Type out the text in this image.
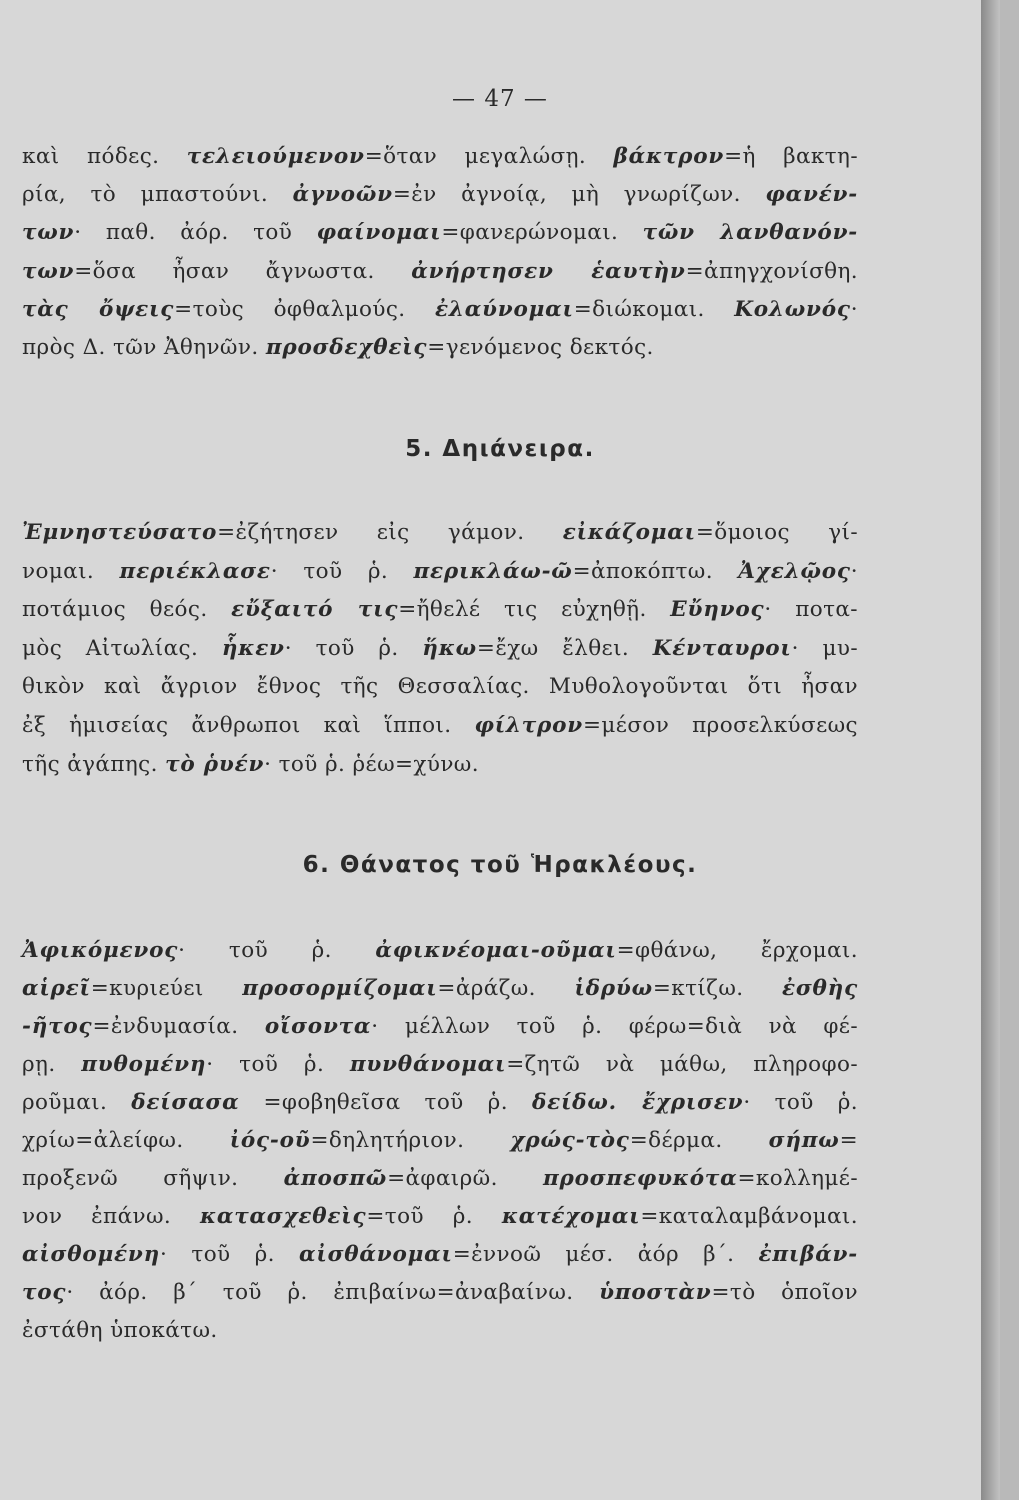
— 47 —
καὶ πόδες. τελειούμενον=ὅταν μεγαλώσῃ. βάκτρον=ἡ βακτη-
ρία, τὸ μπαστούνι. ἀγνοῶν=ἐν ἀγνοίᾳ, μὴ γνωρίζων. φανέν-
των· παθ. ἀόρ. τοῦ φαίνομαι=φανερώνομαι. τῶν λανθανόν-
των=ὅσα ἦσαν ἄγνωστα. ἀνήρτησεν ἑαυτὴν=ἀπηγχονίσθη.
τὰς ὄψεις=τοὺς ὀφθαλμούς. ἐλαύνομαι=διώκομαι. Κολωνός·
πρὸς Δ. τῶν Ἀθηνῶν. προσδεχθεὶς=γενόμενος δεκτός.
5. Δηιάνειρα.
Ἐμνηστεύσατο=ἐζήτησεν εἰς γάμον. εἰκάζομαι=ὅμοιος γί-
νομαι. περιέκλασε· τοῦ ῥ. περικλάω-ῶ=ἀποκόπτω. Ἀχελῷος·
ποτάμιος θεός. εὔξαιτό τις=ἤθελέ τις εὐχηθῇ. Εὔηνος· ποτα-
μὸς Αἰτωλίας. ἧκεν· τοῦ ῥ. ἥκω=ἔχω ἔλθει. Κένταυροι· μυ-
θικὸν καὶ ἄγριον ἔθνος τῆς Θεσσαλίας. Μυθολογοῦνται ὅτι ἦσαν
ἐξ ἡμισείας ἄνθρωποι καὶ ἵπποι. φίλτρον=μέσον προσελκύσεως
τῆς ἀγάπης. τὸ ῥυέν· τοῦ ῥ. ῥέω=χύνω.
6. Θάνατος τοῦ Ἡρακλέους.
Ἀφικόμενος· τοῦ ῥ. ἀφικνέομαι-οῦμαι=φθάνω, ἔρχομαι.
αἱρεῖ=κυριεύει προσορμίζομαι=ἀράζω. ἱδρύω=κτίζω. ἐσθὴς
-ῆτος=ἐνδυμασία. οἴσοντα· μέλλων τοῦ ῥ. φέρω=διὰ νὰ φέ-
ρῃ. πυθομένη· τοῦ ῥ. πυνθάνομαι=ζητῶ νὰ μάθω, πληροφο-
ροῦμαι. δείσασα =φοβηθεῖσα τοῦ ῥ. δείδω. ἔχρισεν· τοῦ ῥ.
χρίω=ἀλείφω. ἰός-οῦ=δηλητήριον. χρώς-τὸς=δέρμα. σήπω=
προξενῶ σῆψιν. ἀποσπῶ=ἀφαιρῶ. προσπεφυκότα=κολλημέ-
νον ἐπάνω. κατασχεθεὶς=τοῦ ῥ. κατέχομαι=καταλαμβάνομαι.
αἰσθομένη· τοῦ ῥ. αἰσθάνομαι=ἐννοῶ μέσ. ἀόρ β΄. ἐπιβάν-
τος· ἀόρ. β΄ τοῦ ῥ. ἐπιβαίνω=ἀναβαίνω. ὑποστὰν=τὸ ὁποῖον
ἐστάθη ὑποκάτω.
